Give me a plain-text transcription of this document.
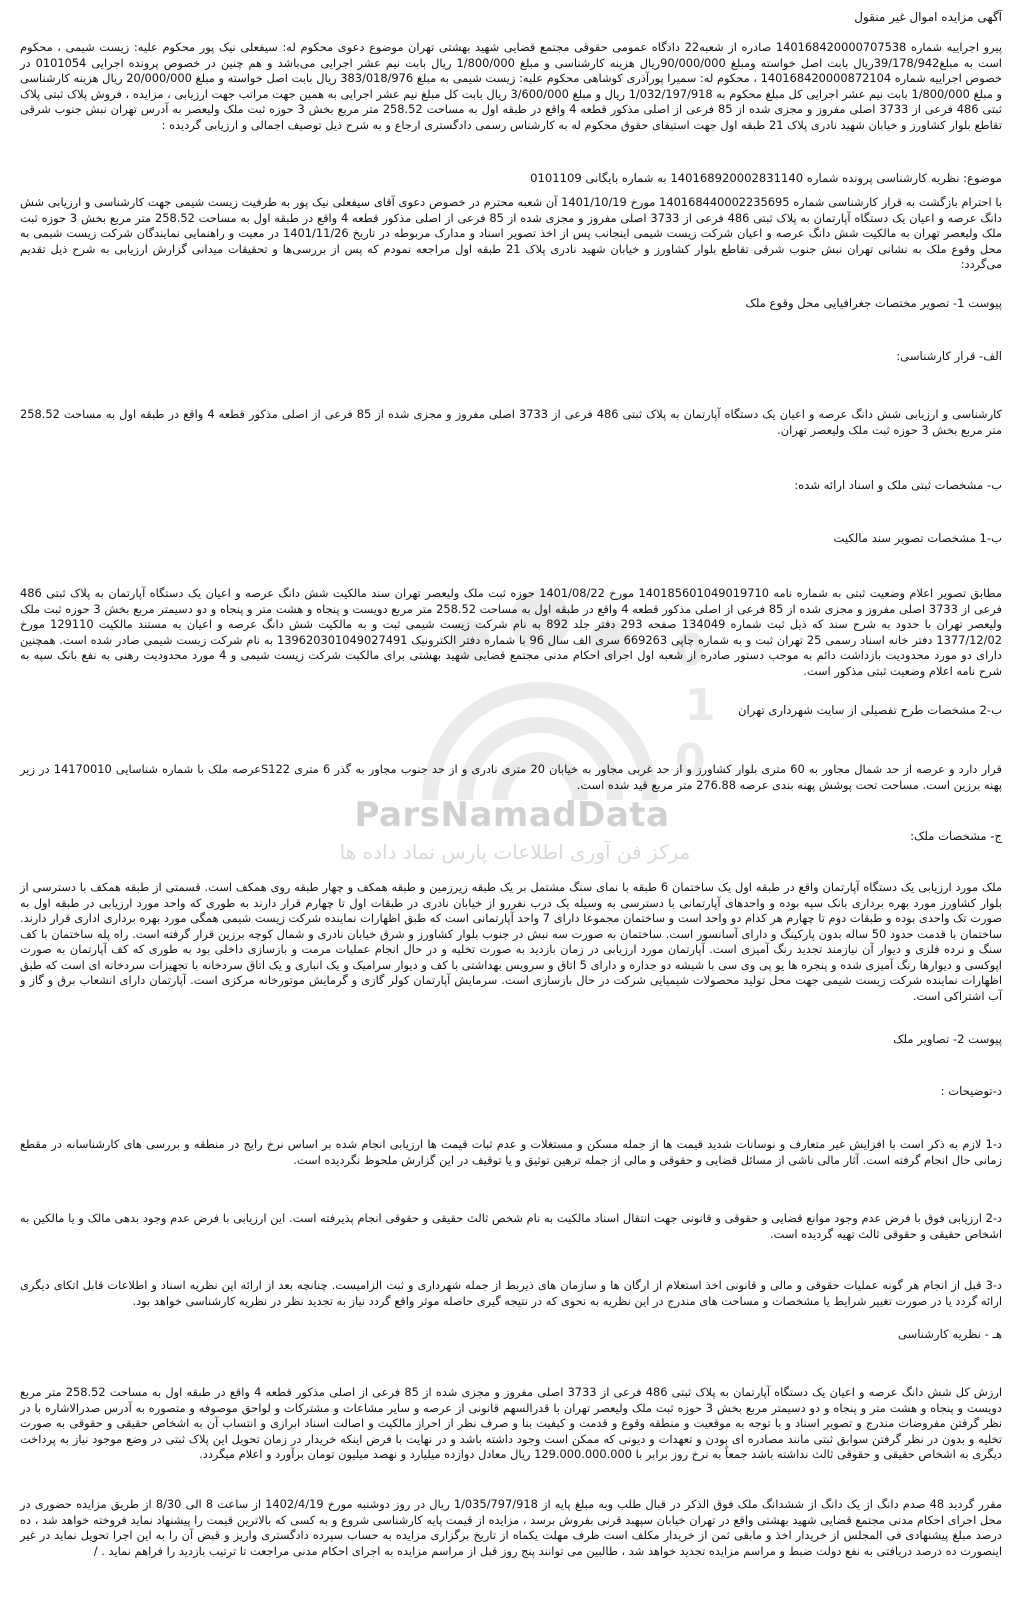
0
1
0
ParsNamadData
مرکز فن آوری اطلاعات پارس نماد داده ها
آگهی مزایده اموال غیر منقول

پیرو اجراییه شماره 140168420000707538 صادره از شعبه22 دادگاه عمومی حقوقی مجتمع قضایی شهید بهشتی تهران موضوع دعوی محکوم له: سیفعلی نیک پور محکوم علیه: زیست شیمی ، محکوم است به مبلغ39/178/942ریال بابت اصل خواسته ومبلغ 90/000/000ریال هزینه کارشناسی و مبلغ 1/800/000 ریال بابت نیم عشر اجرایی می‌باشد و هم چنین در خصوص پرونده اجرایی 0101054 در خصوص اجراییه شماره 140168420000872104 ، محکوم له: سمیرا پورآذری کوشاهی محکوم علیه: زیست شیمی به مبلغ 383/018/976 ریال بابت اصل خواسته و مبلغ 20/000/000 ریال هزینه کارشناسی و مبلغ 1/800/000 بابت نیم عشر اجرایی کل مبلغ محکوم به 1/032/197/918 ریال و مبلغ 3/600/000 ریال بابت کل مبلغ نیم عشر اجرایی به همین جهت مراتب جهت ارزیابی ، مزایده ، فروش پلاک ثبتی پلاک ثبتی 486 فرعی از 3733 اصلی مفروز و مجزی شده از 85 فرعی از اصلی مذکور قطعه 4 واقع در طبقه اول به مساحت 258.52 متر مربع بخش 3 حوزه ثبت ملک ولیعصر به آدرس تهران نبش جنوب شرقی تقاطع بلوار کشاورز و خیابان شهید نادری پلاک 21 طبقه اول جهت استیفای حقوق محکوم له به کارشناس رسمی دادگستری ارجاع و به شرح ذیل توصیف اجمالی و ارزیابی گردیده :

موضوع: نظریه کارشناسی پرونده شماره 140168920002831140 به شماره بایگانی 0101109

با احترام بازگشت به قرار کارشناسی شماره 140168440002235695 مورخ 1401/10/19 آن شعبه محترم در خصوص دعوی آقای سیفعلی نیک پور به طرفیت زیست شیمی جهت کارشناسی و ارزیابی شش دانگ عرصه و اعیان یک دستگاه آپارتمان به پلاک ثبتی 486 فرعی از 3733 اصلی مفروز و مجزی شده از 85 فرعی از اصلی مذکور قطعه 4 واقع در طبقه اول به مساحت 258.52 متر مربع بخش 3 حوزه ثبت ملک ولیعصر تهران به مالکیت شش دانگ عرصه و اعیان شرکت زیست شیمی اینجانب پس از اخذ تصویر اسناد و مدارک مربوطه در تاریخ 1401/11/26 در معیت و راهنمایی نمایندگان شرکت زیست شیمی به محل وقوع ملک به نشانی تهران نبش جنوب شرقی تقاطع بلوار کشاورز و خیابان شهید نادری پلاک 21 طبقه اول مراجعه نمودم که پس از بررسی‌ها و تحقیقات میدانی گزارش ارزیابی به شرح ذیل تقدیم می‌گردد:

پیوست 1- تصویر مختصات جغرافیایی محل وقوع ملک
الف- قرار کارشناسی:

کارشناسی و ارزیابی شش دانگ عرصه و اعیان یک دستگاه آپارتمان به پلاک ثبتی 486 فرعی از 3733 اصلی مفروز و مجزی شده از 85 فرعی از اصلی مذکور قطعه 4 واقع در طبقه اول به مساحت 258.52 متر مربع بخش 3 حوزه ثبت ملک ولیعصر تهران.

ب- مشخصات ثبتی ملک و اسناد ارائه شده:
ب-1 مشخصات تصویر سند مالکیت

مطابق تصویر اعلام وضعیت ثبتی به شماره نامه 140185601049019710 مورخ 1401/08/22 حوزه ثبت ملک ولیعصر تهران سند مالکیت شش دانگ عرصه و اعیان یک دستگاه آپارتمان به پلاک ثبتی 486 فرعی از 3733 اصلی مفروز و مجزی شده از 85 فرعی از اصلی مذکور قطعه 4 واقع در طبقه اول به مساحت 258.52 متر مربع دویست و پنجاه و هشت متر و پنجاه و دو دسیمتر مربع بخش 3 حوزه ثبت ملک ولیعصر تهران با حدود به شرح سند که ذیل ثبت شماره 134049 صفحه 293 دفتر جلد 892 به نام شرکت زیست شیمی ثبت و به مالکیت شش دانگ عرصه و اعیان به مستند مالکیت 129110 مورخ 1377/12/02 دفتر خانه اسناد رسمی 25 تهران ثبت و به شماره چاپی 669263 سری الف سال 96 با شماره دفتر الکترونیک 139620301049027491 به نام شرکت زیست شیمی صادر شده است. همچنین دارای دو مورد محدودیت بازداشت دائم به موجب دستور صادره از شعبه اول اجرای احکام مدنی مجتمع قضایی شهید بهشتی برای مالکیت شرکت زیست شیمی و 4 مورد محدودیت رهنی به نفع بانک سپه به شرح نامه اعلام وضعیت ثبتی مذکور است.

ب-2 مشخصات طرح تفصیلی از سایت شهرداری تهران

قرار دارد و عرصه از حد شمال مجاور به 60 متری بلوار کشاورز و از حد غربی مجاور به خیابان 20 متری نادری و از حد جنوب مجاور به گذر 6 متری S122عرصه ملک با شماره شناسایی 14170010 در زیر پهنه برزین است. مساحت تحت پوشش پهنه بندی عرصه 276.88 متر مربع قید شده است.

ج- مشخصات ملک:

ملک مورد ارزیابی یک دستگاه آپارتمان واقع در طبقه اول یک ساختمان 6 طبقه با نمای سنگ مشتمل بر یک طبقه زیرزمین و طبقه همکف و چهار طبقه روی همکف است. قسمتی از طبقه همکف با دسترسی از بلوار کشاورز مورد بهره برداری بانک سپه بوده و واحدهای آپارتمانی با دسترسی به وسیله یک درب نفررو از خیابان نادری در طبقات اول تا چهارم قرار دارند به طوری که واحد مورد ارزیابی در طبقه اول به صورت تک واحدی بوده و طبقات دوم تا چهارم هر کدام دو واحد است و ساختمان مجموعا دارای 7 واحد آپارتمانی است که طبق اظهارات نماینده شرکت زیست شیمی همگی مورد بهره برداری اداری قرار دارند. ساختمان با قدمت حدود 50 ساله بدون پارکینگ و دارای آسانسور است. ساختمان به صورت سه نبش در جنوب بلوار کشاورز و شرق خیابان نادری و شمال کوچه برزین قرار گرفته است. راه پله ساختمان با کف سنگ و نرده فلزی و دیوار آن نیازمند تجدید رنگ آمیزی است. آپارتمان مورد ارزیابی در زمان بازدید به صورت تخلیه و در حال انجام عملیات مرمت و بازسازی داخلی بود به طوری که کف آپارتمان به صورت اپوکسی و دیوارها رنگ آمیزی شده و پنجره ها یو پی وی سی با شیشه دو جداره و دارای 5 اتاق و سرویس بهداشتی با کف و دیوار سرامیک و یک انباری و یک اتاق سردخانه با تجهیزات سردخانه ای است که طبق اظهارات نماینده شرکت زیست شیمی جهت محل تولید محصولات شیمیایی شرکت در حال بازسازی است. سرمایش آپارتمان کولر گازی و گرمایش موتورخانه مرکزی است. آپارتمان دارای انشعاب برق و گاز و آب اشتراکی است.

پیوست 2- تصاویر ملک
د-توضیحات :

د-1 لازم به ذکر است با افزایش غیر متعارف و نوسانات شدید قیمت ها از جمله مسکن و مستغلات و عدم ثبات قیمت ها ارزیابی انجام شده بر اساس نرخ رایج در منطقه و بررسی های کارشناسانه در مقطع زمانی حال انجام گرفته است. آثار مالی ناشی از مسائل قضایی و حقوقی و مالی از جمله ترهین توثیق و یا توقیف در این گزارش ملحوظ نگردیده است.

د-2 ارزیابی فوق با فرض عدم وجود موانع قضایی و حقوقی و قانونی جهت انتقال اسناد مالکیت به نام شخص ثالث حقیقی و حقوقی انجام پذیرفته است. این ارزیابی با فرض عدم وجود بدهی مالک و یا مالکین به اشخاص حقیقی و حقوقی ثالث تهیه گردیده است.

د-3 قبل از انجام هر گونه عملیات حقوقی و مالی و قانونی اخذ استعلام از ارگان ها و سازمان های ذیربط از جمله شهرداری و ثبت الزامیست. چنانچه بعد از ارائه این نظریه اسناد و اطلاعات قابل اتکای دیگری ارائه گردد یا در صورت تغییر شرایط یا مشخصات و مساحت های مندرج در این نظریه به نحوی که در نتیجه گیری حاصله موثر واقع گردد نیاز به تجدید نظر در نظریه کارشناسی خواهد بود.

هـ - نظریه کارشناسی

ارزش کل شش دانگ عرصه و اعیان یک دستگاه آپارتمان به پلاک ثبتی 486 فرعی از 3733 اصلی مفروز و مجزی شده از 85 فرعی از اصلی مذکور قطعه 4 واقع در طبقه اول به مساحت 258.52 متر مربع دویست و پنجاه و هشت متر و پنجاه و دو دسیمتر مربع بخش 3 حوزه ثبت ملک ولیعصر تهران با قدرالسهم قانونی از عرصه و سایر مشاعات و مشترکات و لواحق موصوفه و متصوره به آدرس صدرالاشاره با در نظر گرفتن مفروضات مندرج و تصویر اسناد و با توجه به موقعیت و منطقه وقوع و قدمت و کیفیت بنا و صرف نظر از احراز مالکیت و اصالت اسناد ابرازی و انتساب آن به اشخاص حقیقی و حقوقی به صورت تخلیه و بدون در نظر گرفتن سوابق ثبتی مانند مصادره ای بودن و تعهدات و دیونی که ممکن است وجود داشته باشد و در نهایت با فرض اینکه خریدار در زمان تحویل این پلاک ثبتی در وضع موجود نیاز به پرداخت دیگری به اشخاص حقیقی و حقوقی ثالث نداشته باشد جمعاً به نرخ روز برابر با 129.000.000.000 ریال معادل دوازده میلیارد و نهصد میلیون تومان برآورد و اعلام میگردد.

مقرر گردید 48 صدم دانگ از یک دانگ از ششدانگ ملک فوق الذکر در قبال طلب وبه مبلغ پایه از 1/035/797/918 ریال در روز دوشنبه مورخ 1402/4/19 از ساعت 8 الی 8/30 از طریق مزایده حضوری در محل اجرای احکام مدنی مجتمع قضایی شهید بهشتی واقع در تهران خیابان سپهبد قرنی بفروش برسد ، مزایده از قیمت پایه کارشناسی شروع و به کسی که بالاترین قیمت را پیشنهاد نماید فروخته خواهد شد ، ده درصد مبلغ پیشنهادی فی المجلس از خریدار اخذ و مابقی ثمن از خریدار مکلف است ظرف مهلت یکماه از تاریخ برگزاری مزایده به حساب سپرده دادگستری واریز و قبض آن را به این اجرا تحویل نماید در غیر اینصورت ده درصد دریافتی به نفع دولت ضبط و مراسم مزایده تجدید خواهد شد ، طالبین می توانند پنج روز قبل از مراسم مزایده به اجرای احکام مدنی مراجعت تا ترتیب بازدید را فراهم نماید . /
